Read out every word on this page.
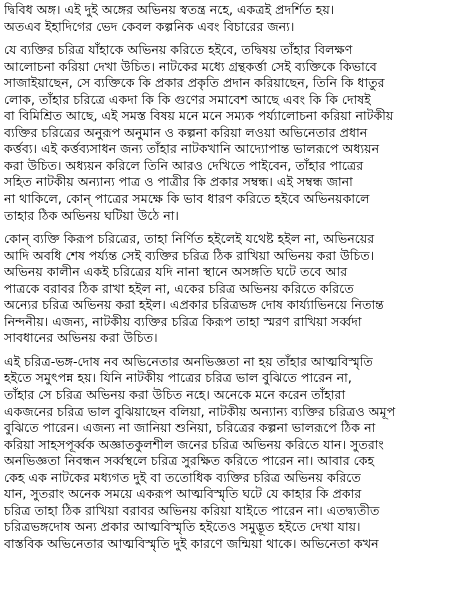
দ্বিবিধ অঙ্গ। এই দুই অঙ্গের অভিনয় স্বতন্ত্র নহে, একত্রই প্রদর্শিত হয়।
অতএব ইহাদিগের ভেদ কেবল কল্পনিক এবং বিচারের জন্য।

যে ব্যক্তির চরিত্র যাঁহাকে অভিনয় করিতে হইবে, তদ্বিষয় তাঁহার বিলক্ষণ
আলোচনা করিয়া দেখা উচিত। নাটকের মধ্যে গ্রন্থকর্ত্তা সেই ব্যক্তিকে কিভাবে
সাজাইয়াছেন, সে ব্যক্তিকে কি প্রকার প্রকৃতি প্রদান করিয়াছেন, তিনি কি ধাতুর
লোক, তাঁহার চরিত্রে একদা কি কি গুণের সমাবেশ আছে এবং কি কি দোষই
বা বিমিশ্রিত আছে, এই সমস্ত বিষয় মনে মনে সম্যক পর্য্যালোচনা করিয়া নাটকীয়
ব্যক্তির চরিত্রের অনুরূপ অনুমান ও কল্পনা করিয়া লওয়া অভিনেতার প্রধান
কর্ত্তব্য। এই কর্ত্তব্যসাধন জন্য তাঁহার নাটকখানি আদ্যোপান্ত ভালরূপে অধ্যয়ন
করা উচিত। অধ্যয়ন করিলে তিনি আরও দেখিতে পাইবেন, তাঁহার পাত্রের
সহিত নাটকীয় অন্যান্য পাত্র ও পাত্রীর কি প্রকার সম্বন্ধ। এই সম্বন্ধ জানা
না থাকিলে, কোন্ পাত্রের সমক্ষে কি ভাব ধারণ করিতে হইবে অভিনয়কালে
তাহার ঠিক অভিনয় ঘটিয়া উঠে না।

কোন্ ব্যক্তি কিরূপ চরিত্রের, তাহা নির্ণিত হইলেই যথেষ্ট হইল না, অভিনয়ের
আদি অবধি শেষ পর্য্যন্ত সেই ব্যক্তির চরিত্র ঠিক রাখিয়া অভিনয় করা উচিত।
অভিনয় কালীন একই চরিত্রের যদি নানা স্থানে অসঙ্গতি ঘটে তবে আর
পাত্রকে বরাবর ঠিক রাখা হইল না, একের চরিত্র অভিনয় করিতে করিতে
অন্যের চরিত্র অভিনয় করা হইল। এপ্রকার চরিত্রভঙ্গ দোষ কার্য্যাভিনয়ে নিতান্ত
নিন্দনীয়। এজন্য, নাটকীয় ব্যক্তির চরিত্র কিরূপ তাহা স্মরণ রাখিয়া সর্ব্বদা
সাবধানের অভিনয় করা উচিত।

এই চরিত্র-ভঙ্গ-দোষ নব অভিনেতার অনভিজ্ঞতা না হয় তাঁহার আত্মবিস্মৃতি
হইতে সমুৎপন্ন হয়। যিনি নাটকীয় পাত্রের চরিত্র ভাল বুঝিতে পারেন না,
তাঁহার সে চরিত্র অভিনয় করা উচিত নহে। অনেকে মনে করেন তাঁহারা
একজনের চরিত্র ভাল বুঝিয়াছেন বলিয়া, নাটকীয় অন্যান্য ব্যক্তির চরিত্রও অমূপ
বুঝিতে পারেন। এজন্য না জানিয়া শুনিয়া, চরিত্রের কল্পনা ভালরূপে ঠিক না
করিয়া সাহসপূর্ব্বক অজ্ঞাতকুলশীল জনের চরিত্র অভিনয় করিতে যান। সুতরাং
অনভিজ্ঞতা নিবন্ধন সর্ব্বস্থলে চরিত্র সুরক্ষিত করিতে পারেন না। আবার কেহ
কেহ এক নাটকের মধ্যগত দুই বা ততোধিক ব্যক্তির চরিত্র অভিনয় করিতে
যান, সুতরাং অনেক সময়ে একরূপ আত্মবিস্মৃতি ঘটে যে কাহার কি প্রকার
চরিত্র তাহা ঠিক রাখিয়া বরাবর অভিনয় করিয়া যাইতে পারেন না। এতদ্ব্যতীত
চরিত্রভঙ্গদোষ অন্য প্রকার আত্মবিস্মৃতি হইতেও সমুদ্ভূত হইতে দেখা যায়।
বাস্তবিক অভিনেতার আত্মবিস্মৃতি দুই কারণে জন্মিয়া থাকে। অভিনেতা কখন
